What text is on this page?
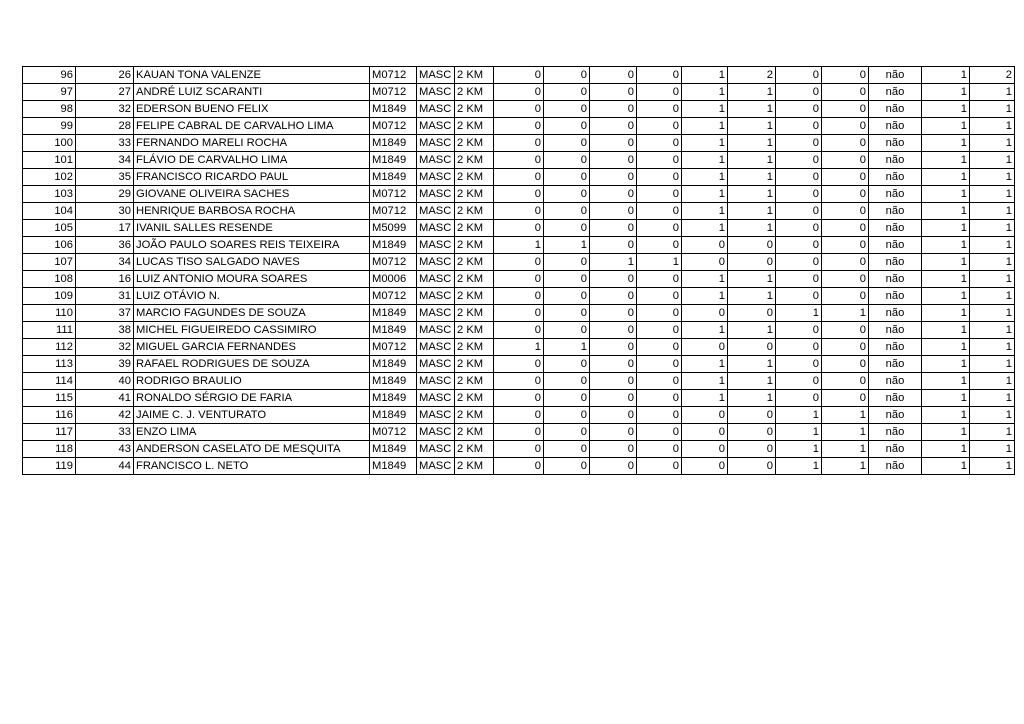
96	26	KAUAN TONA VALENZE	M0712	MASC	2 KM	0	0	0	0	1	2	0	0	não	1	2
97	27	ANDRÉ LUIZ SCARANTI	M0712	MASC	2 KM	0	0	0	0	1	1	0	0	não	1	1
98	32	EDERSON BUENO FELIX	M1849	MASC	2 KM	0	0	0	0	1	1	0	0	não	1	1
99	28	FELIPE CABRAL DE CARVALHO LIMA	M0712	MASC	2 KM	0	0	0	0	1	1	0	0	não	1	1
100	33	FERNANDO MARELI ROCHA	M1849	MASC	2 KM	0	0	0	0	1	1	0	0	não	1	1
101	34	FLÁVIO DE CARVALHO LIMA	M1849	MASC	2 KM	0	0	0	0	1	1	0	0	não	1	1
102	35	FRANCISCO RICARDO PAUL	M1849	MASC	2 KM	0	0	0	0	1	1	0	0	não	1	1
103	29	GIOVANE OLIVEIRA SACHES	M0712	MASC	2 KM	0	0	0	0	1	1	0	0	não	1	1
104	30	HENRIQUE BARBOSA ROCHA	M0712	MASC	2 KM	0	0	0	0	1	1	0	0	não	1	1
105	17	IVANIL SALLES RESENDE	M5099	MASC	2 KM	0	0	0	0	1	1	0	0	não	1	1
106	36	JOÃO PAULO SOARES REIS TEIXEIRA	M1849	MASC	2 KM	1	1	0	0	0	0	0	0	não	1	1
107	34	LUCAS TISO SALGADO NAVES	M0712	MASC	2 KM	0	0	1	1	0	0	0	0	não	1	1
108	16	LUIZ ANTONIO MOURA SOARES	M0006	MASC	2 KM	0	0	0	0	1	1	0	0	não	1	1
109	31	LUIZ OTÁVIO N.	M0712	MASC	2 KM	0	0	0	0	1	1	0	0	não	1	1
110	37	MARCIO FAGUNDES DE SOUZA	M1849	MASC	2 KM	0	0	0	0	0	0	1	1	não	1	1
111	38	MICHEL FIGUEIREDO CASSIMIRO	M1849	MASC	2 KM	0	0	0	0	1	1	0	0	não	1	1
112	32	MIGUEL GARCIA FERNANDES	M0712	MASC	2 KM	1	1	0	0	0	0	0	0	não	1	1
113	39	RAFAEL RODRIGUES DE SOUZA	M1849	MASC	2 KM	0	0	0	0	1	1	0	0	não	1	1
114	40	RODRIGO BRAULIO	M1849	MASC	2 KM	0	0	0	0	1	1	0	0	não	1	1
115	41	RONALDO SÉRGIO DE FARIA	M1849	MASC	2 KM	0	0	0	0	1	1	0	0	não	1	1
116	42	JAIME C. J. VENTURATO	M1849	MASC	2 KM	0	0	0	0	0	0	1	1	não	1	1
117	33	ENZO LIMA	M0712	MASC	2 KM	0	0	0	0	0	0	1	1	não	1	1
118	43	ANDERSON CASELATO DE MESQUITA	M1849	MASC	2 KM	0	0	0	0	0	0	1	1	não	1	1
119	44	FRANCISCO L. NETO	M1849	MASC	2 KM	0	0	0	0	0	0	1	1	não	1	1
